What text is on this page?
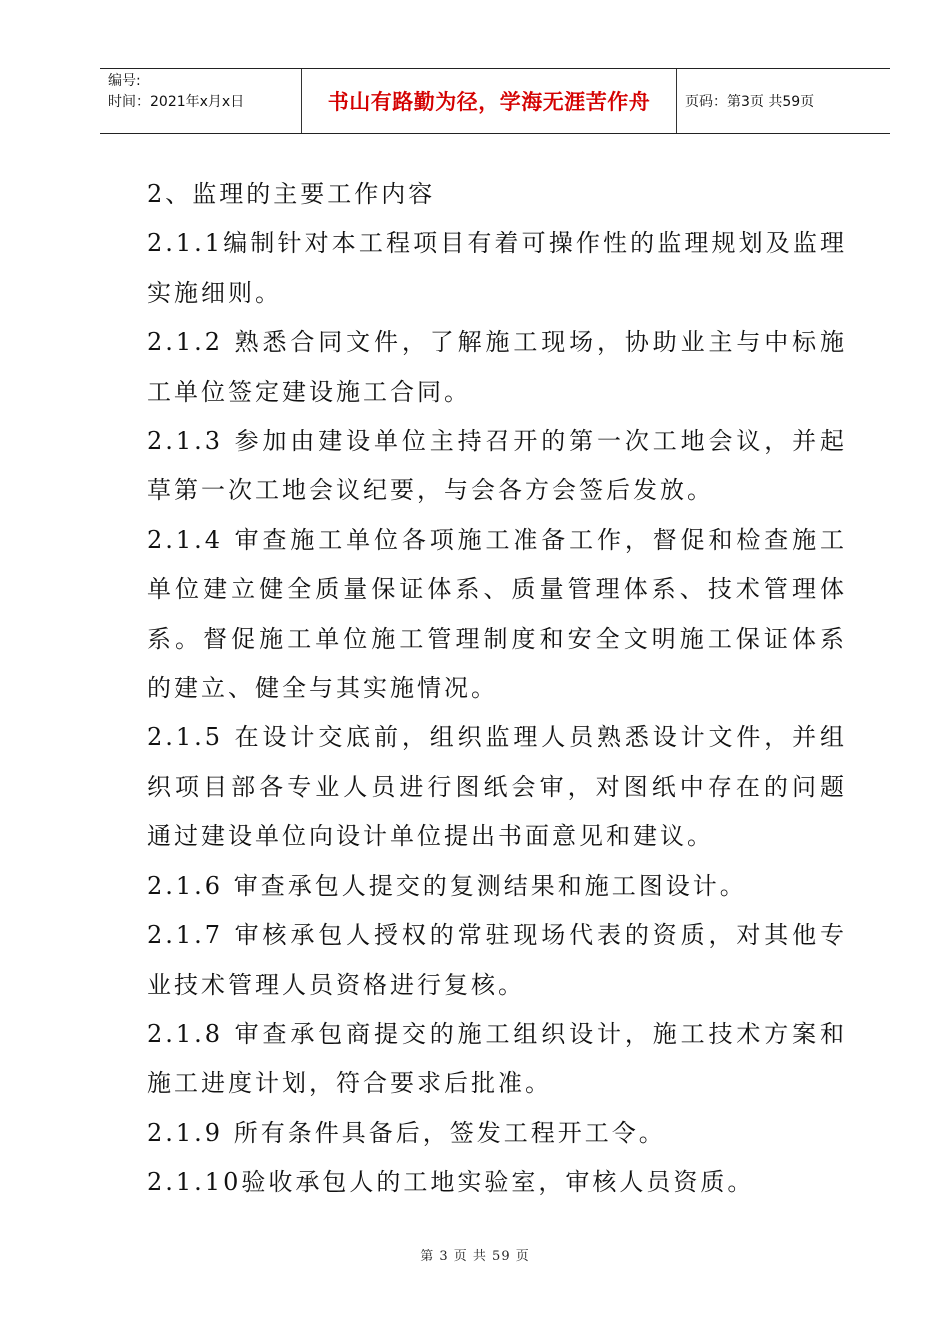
编号:
时间：2021年x月x日	书山有路勤为径，学海无涯苦作舟	页码：第3页 共59页

2、监理的主要工作内容

2.1.1编制针对本工程项目有着可操作性的监理规划及监理实施细则。

2.1.2 熟悉合同文件，了解施工现场，协助业主与中标施工单位签定建设施工合同。

2.1.3 参加由建设单位主持召开的第一次工地会议，并起草第一次工地会议纪要，与会各方会签后发放。

2.1.4 审查施工单位各项施工准备工作，督促和检查施工单位建立健全质量保证体系、质量管理体系、技术管理体系。督促施工单位施工管理制度和安全文明施工保证体系的建立、健全与其实施情况。

2.1.5 在设计交底前，组织监理人员熟悉设计文件，并组织项目部各专业人员进行图纸会审，对图纸中存在的问题通过建设单位向设计单位提出书面意见和建议。

2.1.6 审查承包人提交的复测结果和施工图设计。

2.1.7 审核承包人授权的常驻现场代表的资质，对其他专业技术管理人员资格进行复核。

2.1.8 审查承包商提交的施工组织设计，施工技术方案和施工进度计划，符合要求后批准。

2.1.9 所有条件具备后，签发工程开工令。

2.1.10验收承包人的工地实验室，审核人员资质。

第 3 页 共 59 页
